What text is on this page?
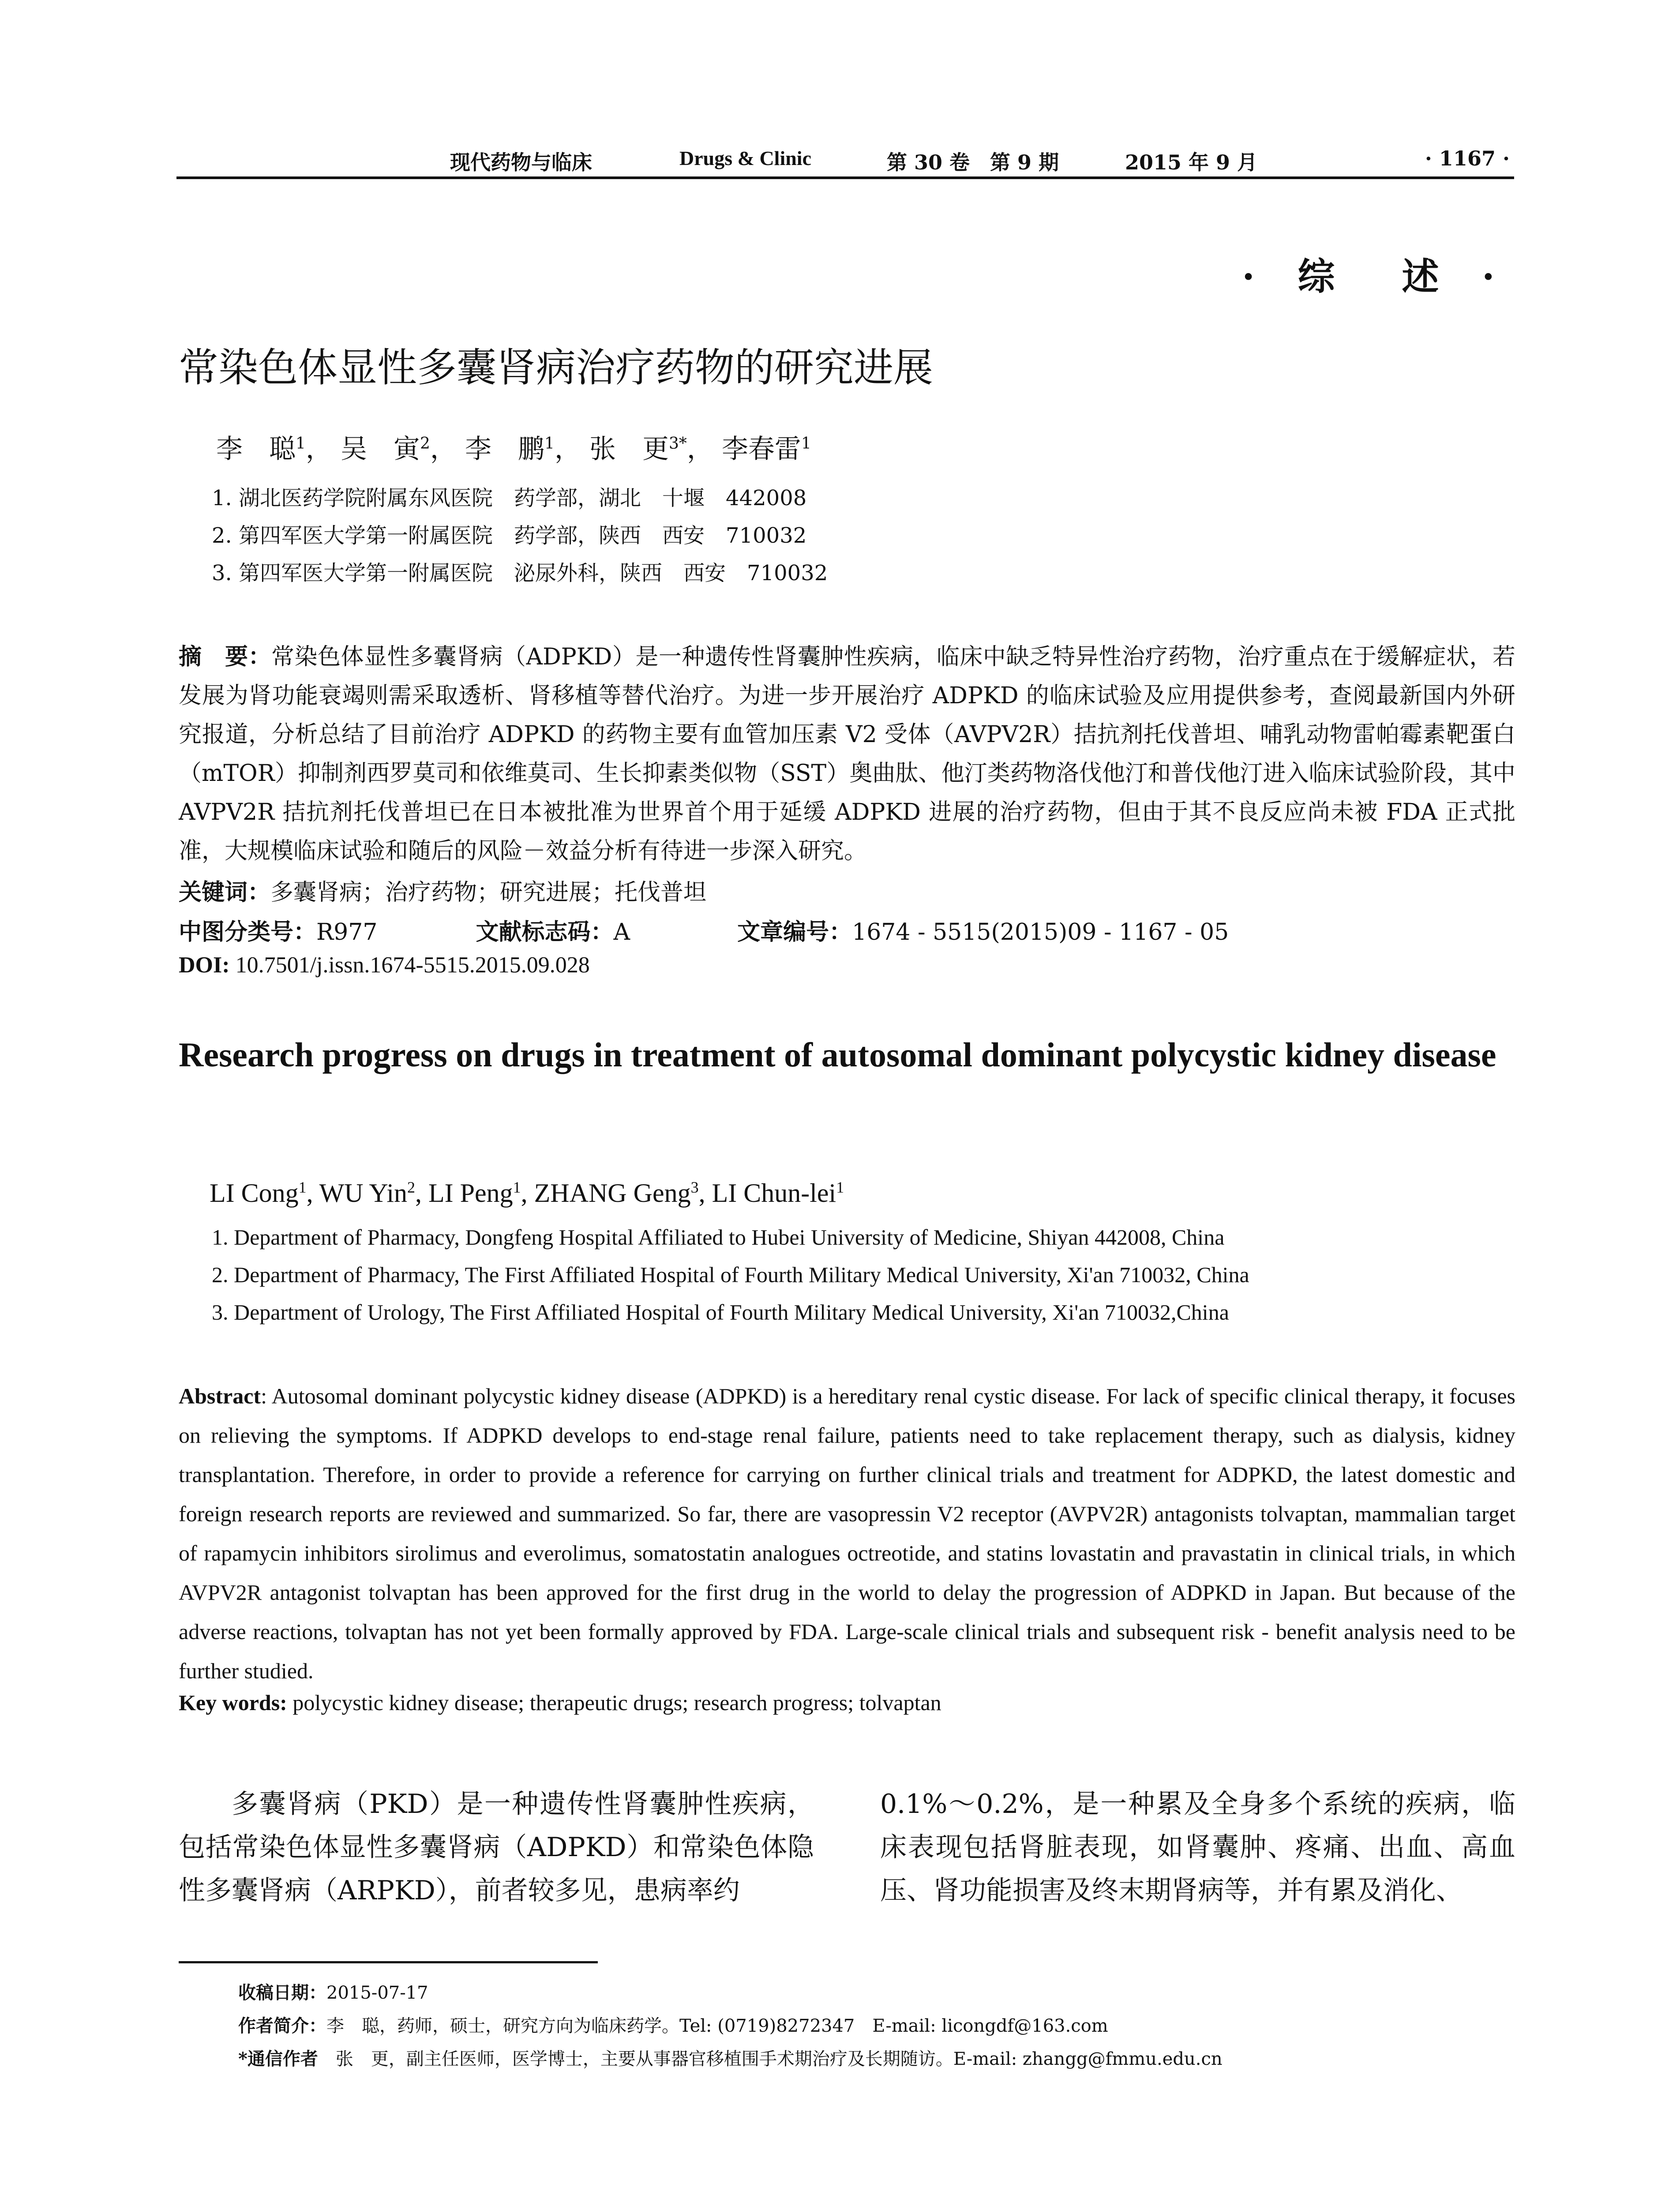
现代药物与临床	Drugs & Clinic	第 30 卷　第 9 期	2015 年 9 月	· 1167 ·
· 综　述 ·
常染色体显性多囊肾病治疗药物的研究进展
李　聪$^1$， 吴　寅$^2$， 李　鹏$^1$， 张　更$^{3*}$， 李春雷$^1$
1. 湖北医药学院附属东风医院　药学部，湖北　十堰　442008
2. 第四军医大学第一附属医院　药学部，陕西　西安　710032
3. 第四军医大学第一附属医院　泌尿外科，陕西　西安　710032
摘　要：常染色体显性多囊肾病（ADPKD）是一种遗传性肾囊肿性疾病，临床中缺乏特异性治疗药物，治疗重点在于缓解症状，若发展为肾功能衰竭则需采取透析、肾移植等替代治疗。为进一步开展治疗 ADPKD 的临床试验及应用提供参考，查阅最新国内外研究报道，分析总结了目前治疗 ADPKD 的药物主要有血管加压素 V2 受体（AVPV2R）拮抗剂托伐普坦、哺乳动物雷帕霉素靶蛋白（mTOR）抑制剂西罗莫司和依维莫司、生长抑素类似物（SST）奥曲肽、他汀类药物洛伐他汀和普伐他汀进入临床试验阶段，其中 AVPV2R 拮抗剂托伐普坦已在日本被批准为世界首个用于延缓 ADPKD 进展的治疗药物，但由于其不良反应尚未被 FDA 正式批准，大规模临床试验和随后的风险－效益分析有待进一步深入研究。
关键词：多囊肾病；治疗药物；研究进展；托伐普坦
中图分类号：R977	文献标志码：A	文章编号：1674 - 5515(2015)09 - 1167 - 05
DOI: 10.7501/j.issn.1674-5515.2015.09.028
Research progress on drugs in treatment of autosomal dominant polycystic kidney disease
LI Cong$^1$, WU Yin$^2$, LI Peng$^1$, ZHANG Geng$^3$, LI Chun-lei$^1$
1. Department of Pharmacy, Dongfeng Hospital Affiliated to Hubei University of Medicine, Shiyan 442008, China
2. Department of Pharmacy, The First Affiliated Hospital of Fourth Military Medical University, Xi'an 710032, China
3. Department of Urology, The First Affiliated Hospital of Fourth Military Medical University, Xi'an 710032,China
Abstract: Autosomal dominant polycystic kidney disease (ADPKD) is a hereditary renal cystic disease. For lack of specific clinical therapy, it focuses on relieving the symptoms. If ADPKD develops to end-stage renal failure, patients need to take replacement therapy, such as dialysis, kidney transplantation. Therefore, in order to provide a reference for carrying on further clinical trials and treatment for ADPKD, the latest domestic and foreign research reports are reviewed and summarized. So far, there are vasopressin V2 receptor (AVPV2R) antagonists tolvaptan, mammalian target of rapamycin inhibitors sirolimus and everolimus, somatostatin analogues octreotide, and statins lovastatin and pravastatin in clinical trials, in which AVPV2R antagonist tolvaptan has been approved for the first drug in the world to delay the progression of ADPKD in Japan. But because of the adverse reactions, tolvaptan has not yet been formally approved by FDA. Large-scale clinical trials and subsequent risk - benefit analysis need to be further studied.
Key words: polycystic kidney disease; therapeutic drugs; research progress; tolvaptan
多囊肾病（PKD）是一种遗传性肾囊肿性疾病，包括常染色体显性多囊肾病（ADPKD）和常染色体隐性多囊肾病（ARPKD），前者较多见，患病率约
0.1%～0.2%，是一种累及全身多个系统的疾病，临床表现包括肾脏表现，如肾囊肿、疼痛、出血、高血压、肾功能损害及终末期肾病等，并有累及消化、
收稿日期：2015-07-17
作者简介：李　聪，药师，硕士，研究方向为临床药学。Tel: (0719)8272347　E-mail: licongdf@163.com
*通信作者　张　更，副主任医师，医学博士，主要从事器官移植围手术期治疗及长期随访。E-mail: zhangg@fmmu.edu.cn
